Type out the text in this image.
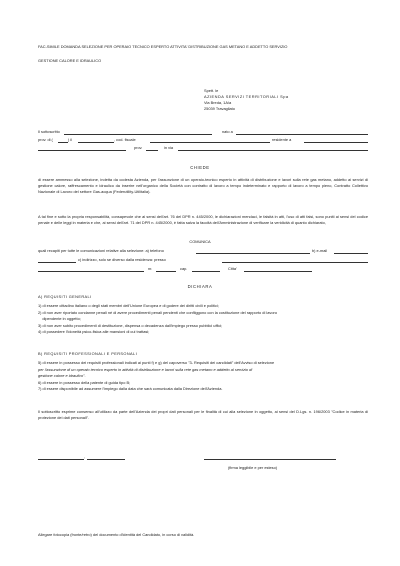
FAC-SIMILE DOMANDA SELEZIONE PER OPERAIO TECNICO ESPERTO ATTIVITA' DISTRIBUZIONE GAS METANO E ADDETTO SERVIZIO
GESTIONE CALORE E IDRAULICO
Spett. le
AZIENDA SERVIZI TERRITORIALI Spa
Via Breda, 1A/a
25039 Travagliato
Il sottoscritto	nato a
prov. di (	) il	, cod. fiscale	residente a
prov.	in via
CHIEDE
di essere ammesso alla selezione, indetta da codesta Azienda, per l'assunzione di un operaio-tecnico esperto in attività di distribuzione e lavori sulla rete gas metano, addetto ai servizi di gestione calore, raffrescamento e idraulico da inserire nell'organico della Società con contratto di lavoro a tempo indeterminato e rapporto di lavoro a tempo pieno, Contratto Collettivo Nazionale di Lavoro del settore Gas-acqua (Federutility-Utilitalia).
A tal fine e sotto la propria responsabilità, consapevole che ai sensi dell'art. 76 del DPR n. 445/2000, le dichiarazioni mendaci, le falsità in atti, l'uso di atti falsi, sono puniti ai sensi del codice penale e delle leggi in materia e che, ai sensi dell'art. 71 del DPR n. 445/2000, è fatta salva la facoltà dell'Amministrazione di verificare la veridicità di quanto dichiarato,
COMUNICA
quali recapiti per tutte le comunicazioni relative alla selezione: a) telefono	b) e-mail
c) indirizzo, solo se diverso dalla residenza: presso
nr.	cap.	Citta'
DICHIARA
A) REQUISITI GENERALI
1) di essere cittadino italiano o degli stati membri dell'Unione Europea e di godere dei diritti civili e politici;
2) di non aver riportato condanne penali né di avere procedimenti penali pendenti che confliggono con la costituzione del rapporto di lavoro
dipendente in oggetto;
3) di non aver subito procedimenti di destituzione, dispensa o decadenza dall'impiego presso pubblici uffici;
4) di possedere l'idoneità psico-fisica alle mansioni di cui trattasi;
B) REQUISITI PROFESSIONALI E PERSONALI
5) di essere in possesso dei requisiti professionali indicati ai punti f) e g) del capoverso "3- Requisiti dei candidati" dell'Avviso di selezione
per l'assunzione di un operaio tecnico esperto in attività di distribuzione e lavori sulla rete gas metano e addetto al servizio di
gestione calore e idraulico".
6) di essere in possesso della patente di guida tipo B;
7) di essere disponibile ad assumere l'impiego dalla data che sarà comunicata dalla Direzione dell'Azienda.
Il sottoscritto esprime consenso all'utilizzo da parte dell'Azienda dei propri dati personali per le finalità di cui alla selezione in oggetto, ai sensi del D.Lgs. n. 196/2003 "Codice in materia di protezione dei dati personali".
,
(firma leggibile e per esteso)
Allegare fotocopia (fronte/retro) del documento d'identità del Candidato, in corso di validità.
